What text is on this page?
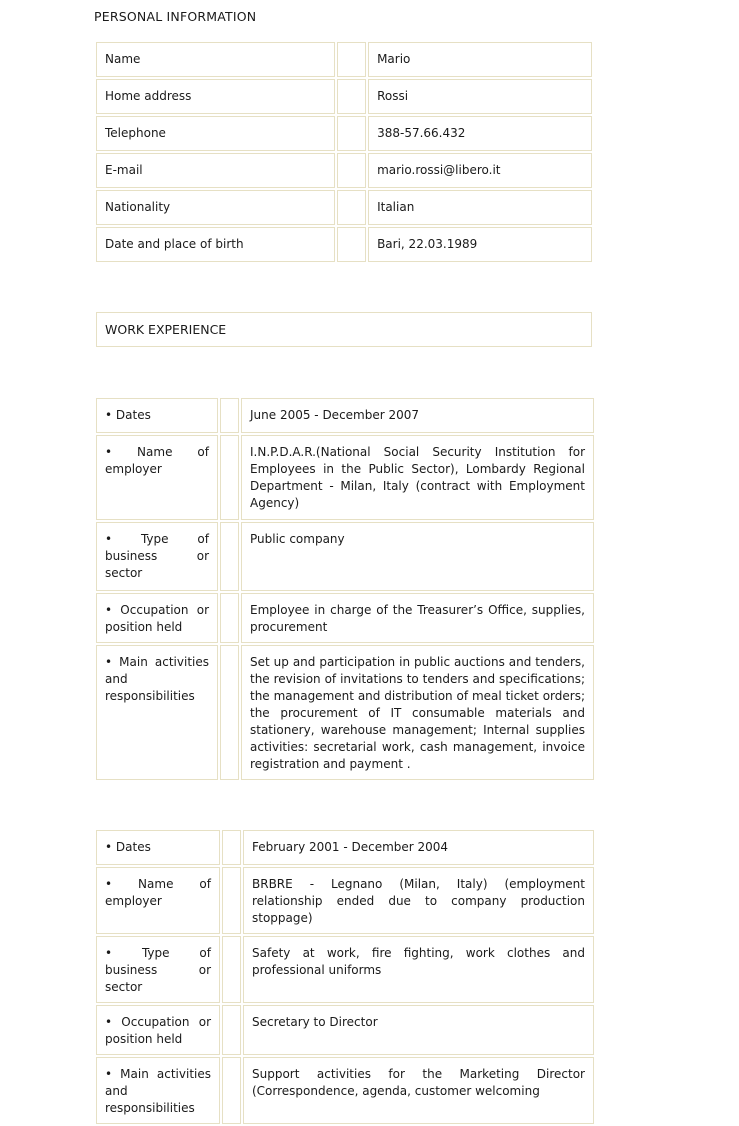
PERSONAL INFORMATION
Name		Mario
Home address		Rossi
Telephone		388-57.66.432
E-mail		mario.rossi@libero.it
Nationality		Italian
Date and place of birth		Bari, 22.03.1989
WORK EXPERIENCE
• Dates		June 2005 - December 2007

• Name of employer		I.N.P.D.A.R.(National Social Security Institution for Employees in the Public Sector), Lombardy Regional Department - Milan, Italy (contract with Employment Agency)

• Type of business or sector		Public company

• Occupation or position held		Employee in charge of the Treasurer’s Office, supplies, procurement

• Main activities and responsibilities		Set up and participation in public auctions and tenders, the revision of invitations to tenders and specifications; the management and distribution of meal ticket orders; the procurement of IT consumable materials and stationery, warehouse management; Internal supplies activities: secretarial work, cash management, invoice registration and payment .
• Dates		February 2001 - December 2004

• Name of employer		BRBRE - Legnano (Milan, Italy) (employment relationship ended due to company production stoppage)

• Type of business or sector		Safety at work, fire fighting, work clothes and professional uniforms

• Occupation or position held		Secretary to Director

• Main activities and responsibilities		Support activities for the Marketing Director (Correspondence, agenda, customer welcoming
